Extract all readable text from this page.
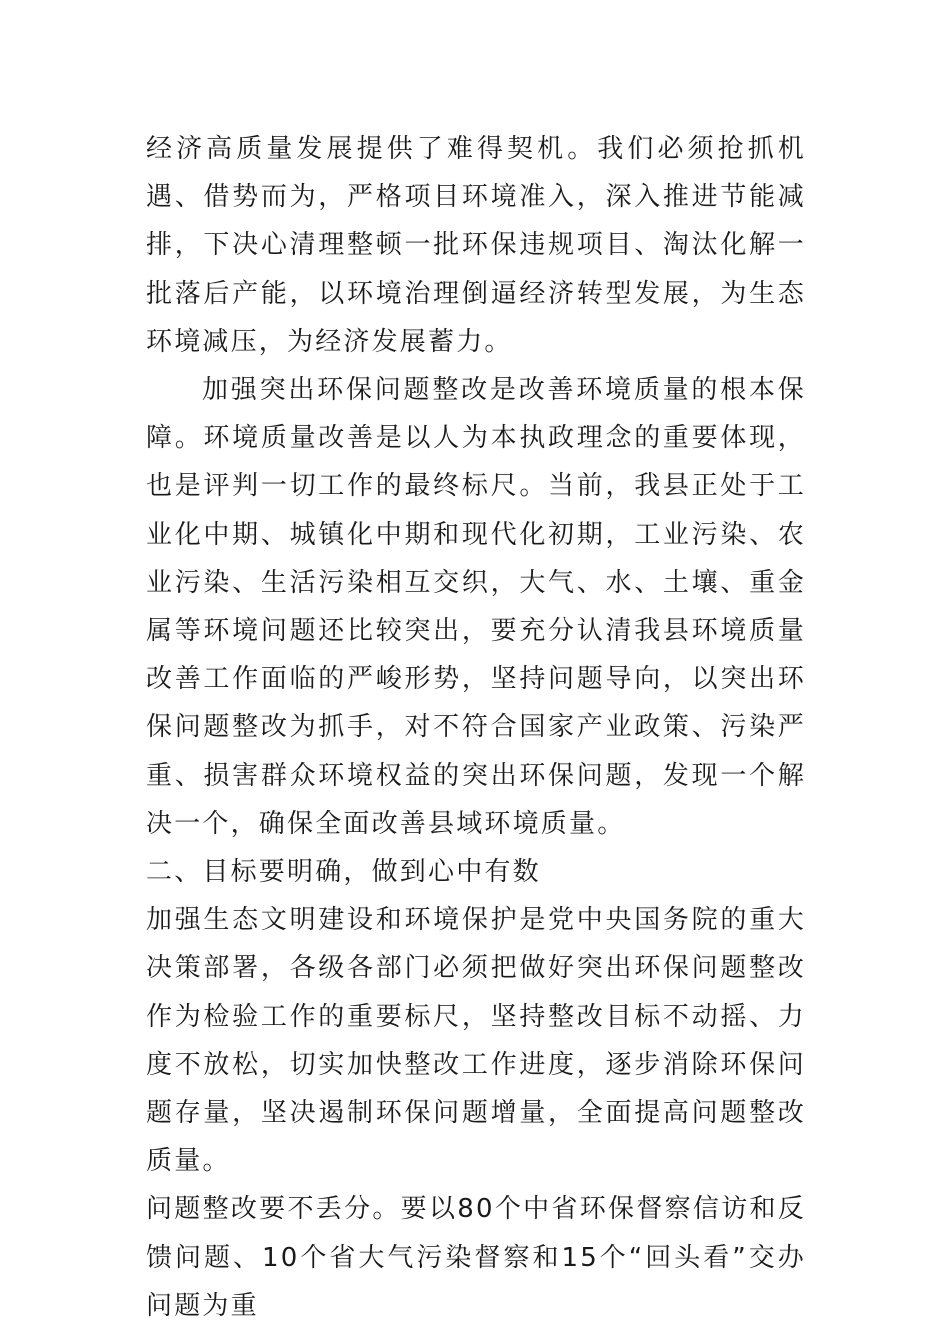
经济高质量发展提供了难得契机。我们必须抢抓机遇、借势而为，严格项目环境准入，深入推进节能减排，下决心清理整顿一批环保违规项目、淘汰化解一批落后产能，以环境治理倒逼经济转型发展，为生态环境减压，为经济发展蓄力。

加强突出环保问题整改是改善环境质量的根本保障。环境质量改善是以人为本执政理念的重要体现，也是评判一切工作的最终标尺。当前，我县正处于工业化中期、城镇化中期和现代化初期，工业污染、农业污染、生活污染相互交织，大气、水、土壤、重金属等环境问题还比较突出，要充分认清我县环境质量改善工作面临的严峻形势，坚持问题导向，以突出环保问题整改为抓手，对不符合国家产业政策、污染严重、损害群众环境权益的突出环保问题，发现一个解决一个，确保全面改善县域环境质量。

二、目标要明确，做到心中有数

加强生态文明建设和环境保护是党中央国务院的重大决策部署，各级各部门必须把做好突出环保问题整改作为检验工作的重要标尺，坚持整改目标不动摇、力度不放松，切实加快整改工作进度，逐步消除环保问题存量，坚决遏制环保问题增量，全面提高问题整改质量。

问题整改要不丢分。要以80个中省环保督察信访和反馈问题、10个省大气污染督察和15个“回头看”交办问题为重
